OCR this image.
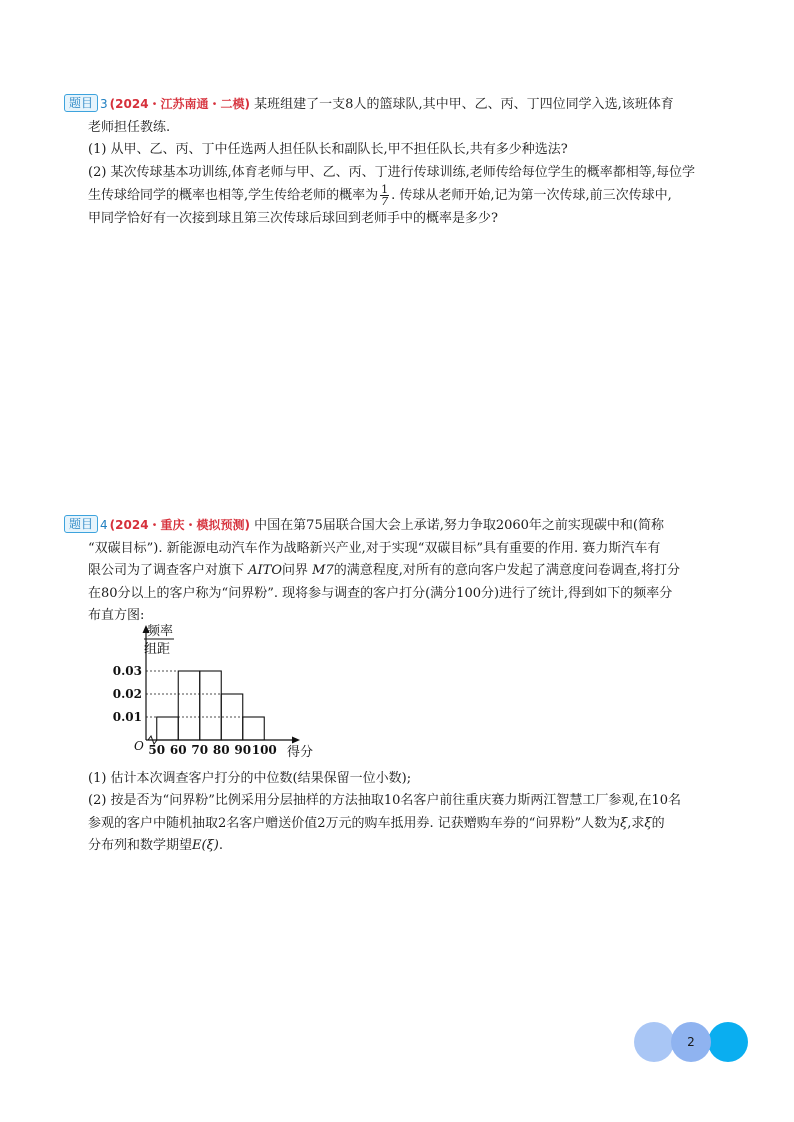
题目 3 (2024・江苏南通・二模) 某班组建了一支8人的篮球队,其中甲、乙、丙、丁四位同学入选,该班体育

老师担任教练.

(1) 从甲、乙、丙、丁中任选两人担任队长和副队长,甲不担任队长,共有多少种选法?

(2) 某次传球基本功训练,体育老师与甲、乙、丙、丁进行传球训练,老师传给每位学生的概率都相等,每位学

生传球给同学的概率也相等,学生传给老师的概率为 $\frac{1}{7}$ . 传球从老师开始,记为第一次传球,前三次传球中,

甲同学恰好有一次接到球且第三次传球后球回到老师手中的概率是多少?

题目 4 (2024・重庆・模拟预测) 中国在第75届联合国大会上承诺,努力争取2060年之前实现碳中和(简称

“双碳目标”). 新能源电动汽车作为战略新兴产业,对于实现“双碳目标”具有重要的作用. 赛力斯汽车有

限公司为了调查客户对旗下 AITO问界 M7的满意程度,对所有的意向客户发起了满意度问卷调查,将打分

在80分以上的客户称为“问界粉”. 现将参与调查的客户打分(满分100分)进行了统计,得到如下的频率分

布直方图:

(1) 估计本次调查客户打分的中位数(结果保留一位小数);

(2) 按是否为“问界粉”比例采用分层抽样的方法抽取10名客户前往重庆赛力斯两江智慧工厂参观,在10名

参观的客户中随机抽取2名客户赠送价值2万元的购车抵用券. 记获赠购车券的“问界粉”人数为ξ,求ξ的

分布列和数学期望E(ξ).

0.01
0.02
0.03
50 60 70 80 90 100
O	得分
频率
组距
2
